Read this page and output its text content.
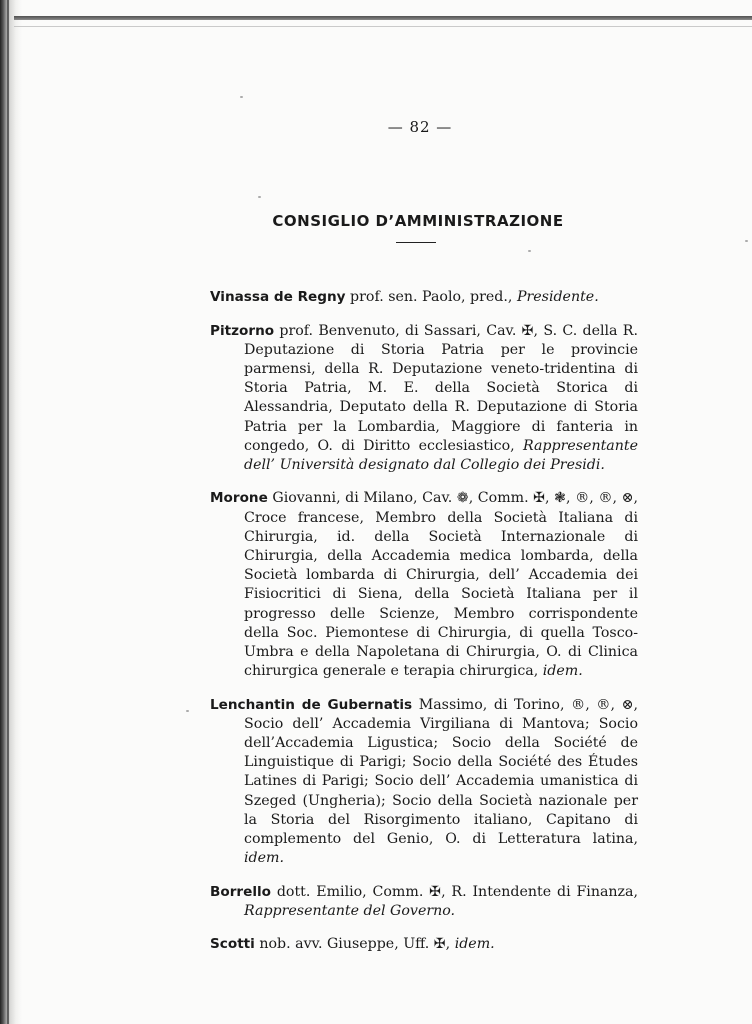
— 82 —
CONSIGLIO D’AMMINISTRAZIONE

Vinassa de Regny prof. sen. Paolo, pred., Presidente.

Pitzorno prof. Benvenuto, di Sassari, Cav. ✠, S. C. della R. Deputazione di Storia Patria per le provincie parmensi, della R. Deputazione veneto-tridentina di Storia Patria, M. E. della Società Storica di Alessandria, Deputato della R. Deputazione di Storia Patria per la Lombardia, Maggiore di fanteria in congedo, O. di Diritto ecclesiastico, Rappresentante dell’ Università designato dal Collegio dei Presidi.

Morone Giovanni, di Milano, Cav. ❁, Comm. ✠, ❃, ®, ®, ⊗, Croce francese, Membro della Società Italiana di Chirurgia, id. della Società Internazionale di Chirurgia, della Accademia medica lombarda, della Società lombarda di Chirurgia, dell’ Accademia dei Fisiocritici di Siena, della Società Italiana per il progresso delle Scienze, Membro corrispondente della Soc. Piemontese di Chirurgia, di quella Tosco-Umbra e della Napoletana di Chirurgia, O. di Clinica chirurgica generale e terapia chirurgica, idem.

Lenchantin de Gubernatis Massimo, di Torino, ®, ®, ⊗, Socio dell’ Accademia Virgiliana di Mantova; Socio dell’Accademia Ligustica; Socio della Société de Linguistique di Parigi; Socio della Société des Études Latines di Parigi; Socio dell’ Accademia umanistica di Szeged (Ungheria); Socio della Società nazionale per la Storia del Risorgimento italiano, Capitano di complemento del Genio, O. di Letteratura latina, idem.

Borrello dott. Emilio, Comm. ✠, R. Intendente di Finanza, Rappresentante del Governo.

Scotti nob. avv. Giuseppe, Uff. ✠, idem.
